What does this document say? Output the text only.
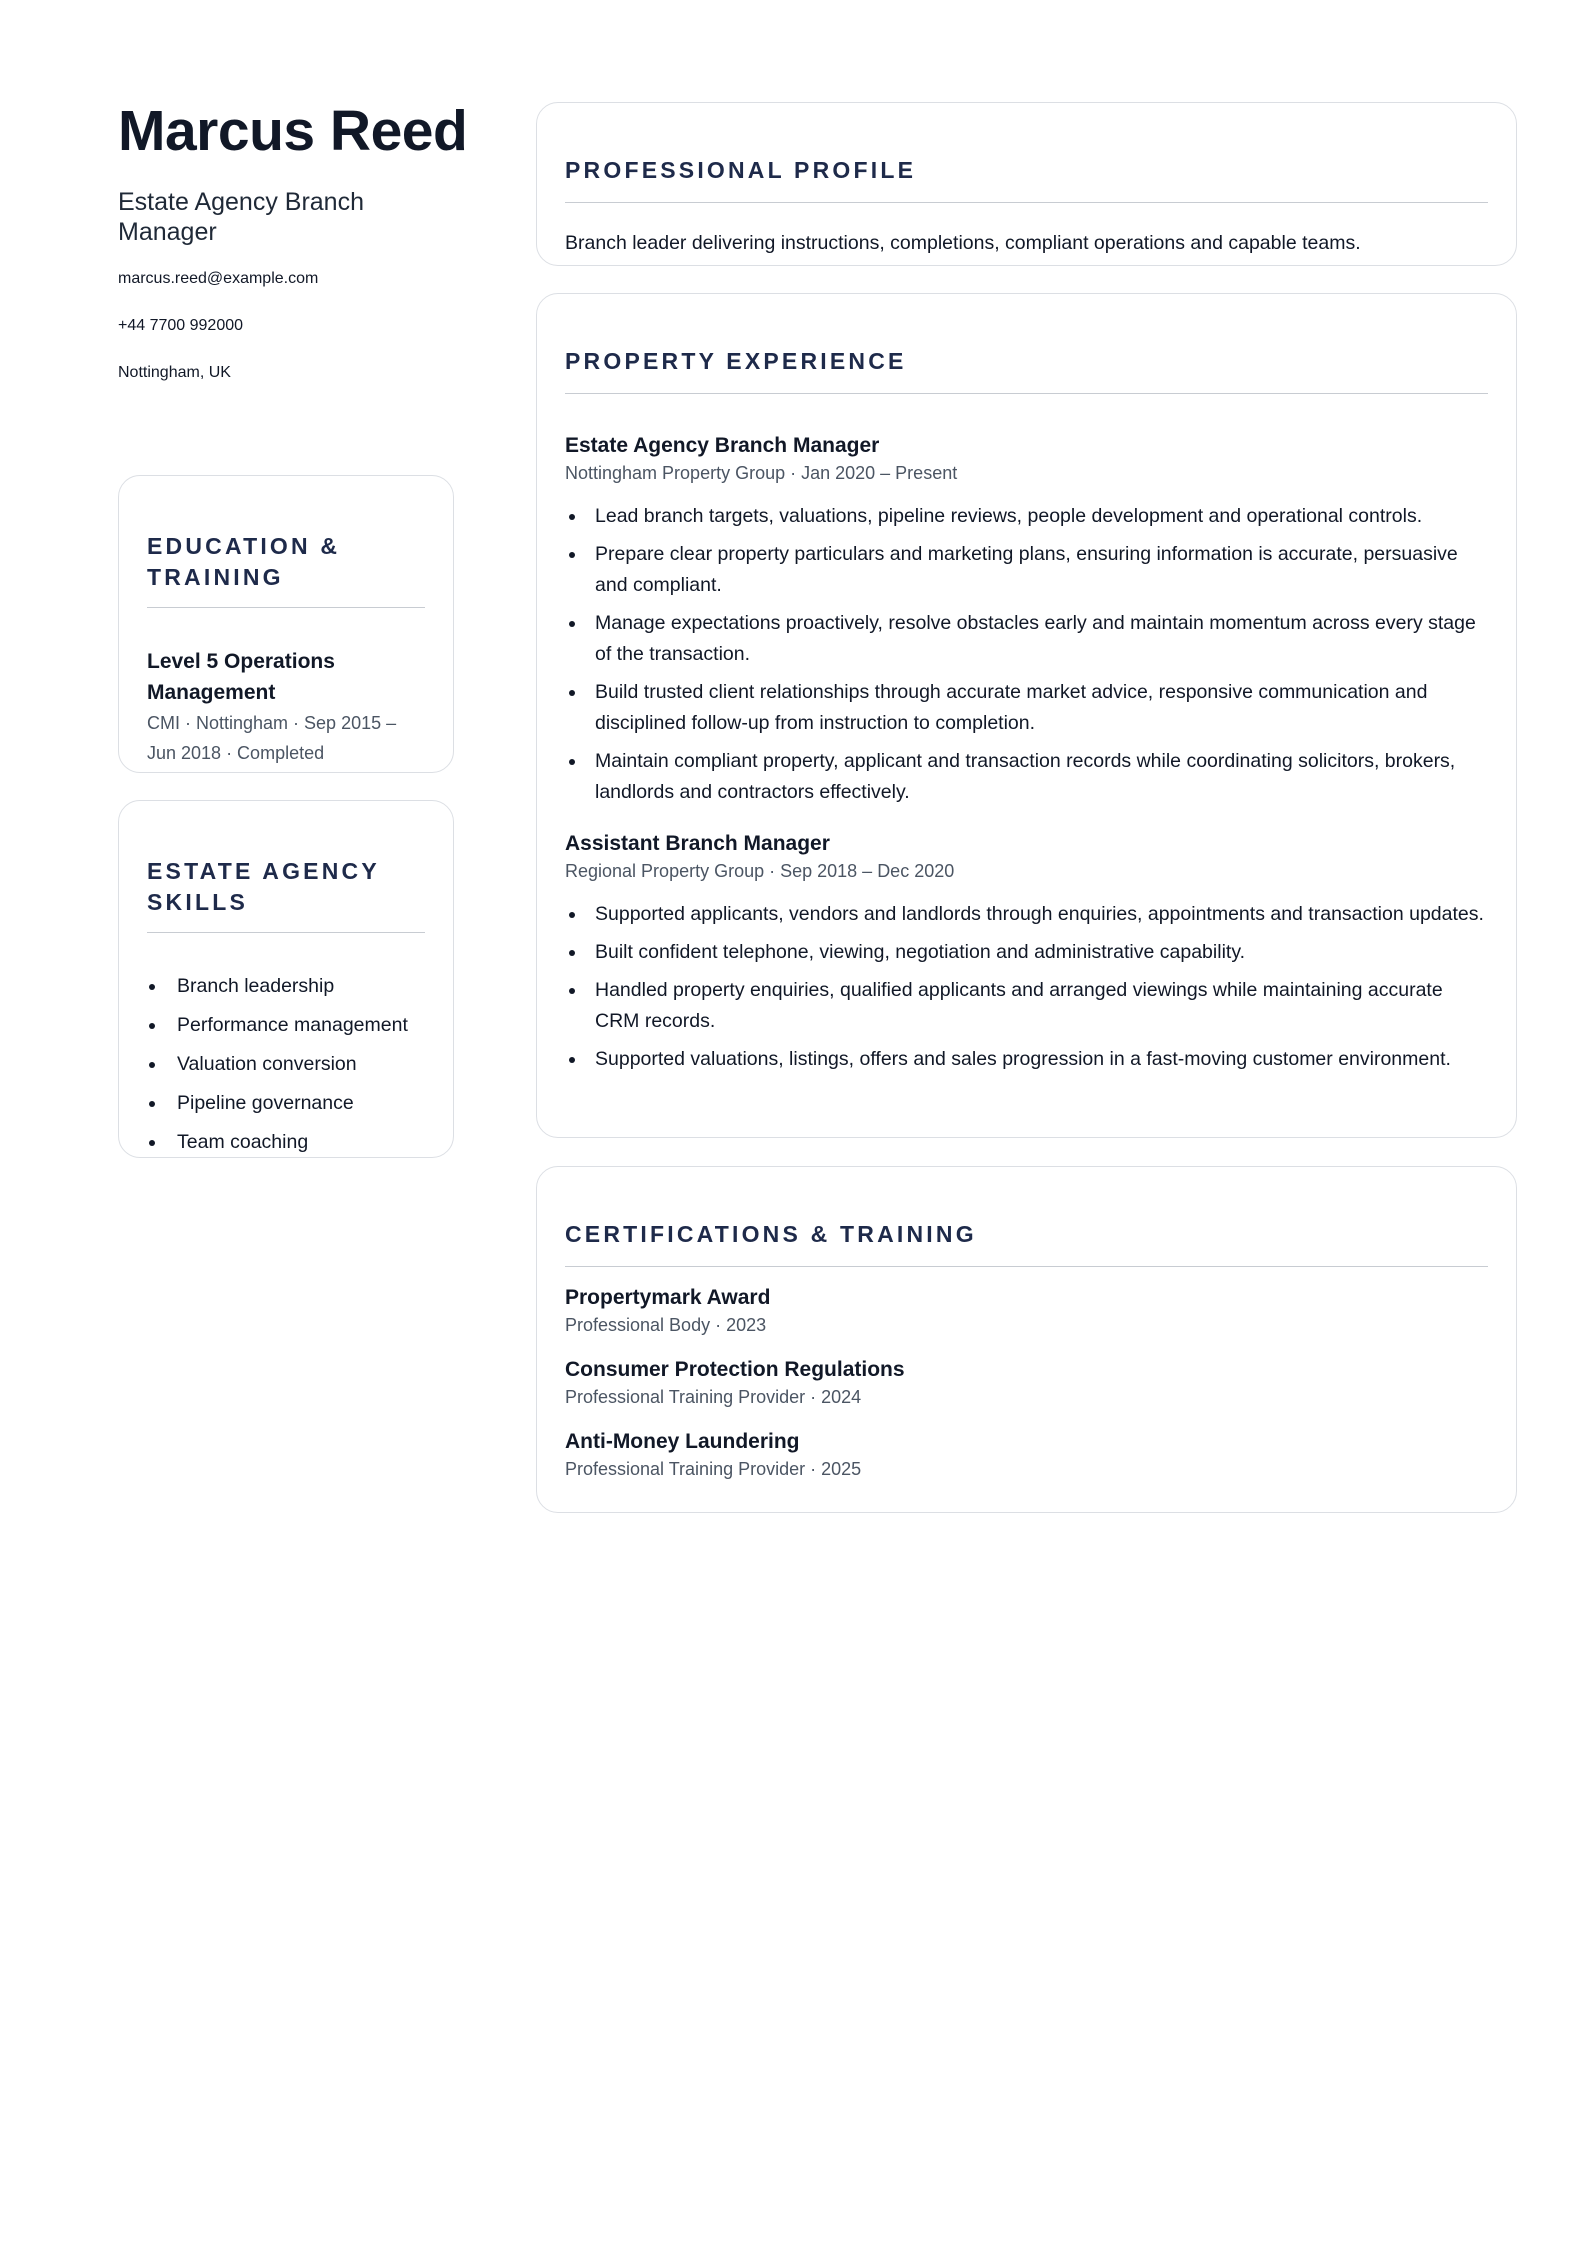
Marcus Reed
Estate Agency Branch Manager
marcus.reed@example.com
+44 7700 992000
Nottingham, UK
EDUCATION & TRAINING
Level 5 Operations Management
CMI · Nottingham · Sep 2015 – Jun 2018 · Completed
ESTATE AGENCY SKILLS
Branch leadership
Performance management
Valuation conversion
Pipeline governance
Team coaching
PROFESSIONAL PROFILE
Branch leader delivering instructions, completions, compliant operations and capable teams.
PROPERTY EXPERIENCE
Estate Agency Branch Manager
Nottingham Property Group · Jan 2020 – Present
Lead branch targets, valuations, pipeline reviews, people development and operational controls.
Prepare clear property particulars and marketing plans, ensuring information is accurate, persuasive and compliant.
Manage expectations proactively, resolve obstacles early and maintain momentum across every stage of the transaction.
Build trusted client relationships through accurate market advice, responsive communication and disciplined follow-up from instruction to completion.
Maintain compliant property, applicant and transaction records while coordinating solicitors, brokers, landlords and contractors effectively.
Assistant Branch Manager
Regional Property Group · Sep 2018 – Dec 2020
Supported applicants, vendors and landlords through enquiries, appointments and transaction updates.
Built confident telephone, viewing, negotiation and administrative capability.
Handled property enquiries, qualified applicants and arranged viewings while maintaining accurate CRM records.
Supported valuations, listings, offers and sales progression in a fast-moving customer environment.
CERTIFICATIONS & TRAINING
Propertymark Award
Professional Body · 2023
Consumer Protection Regulations
Professional Training Provider · 2024
Anti-Money Laundering
Professional Training Provider · 2025
